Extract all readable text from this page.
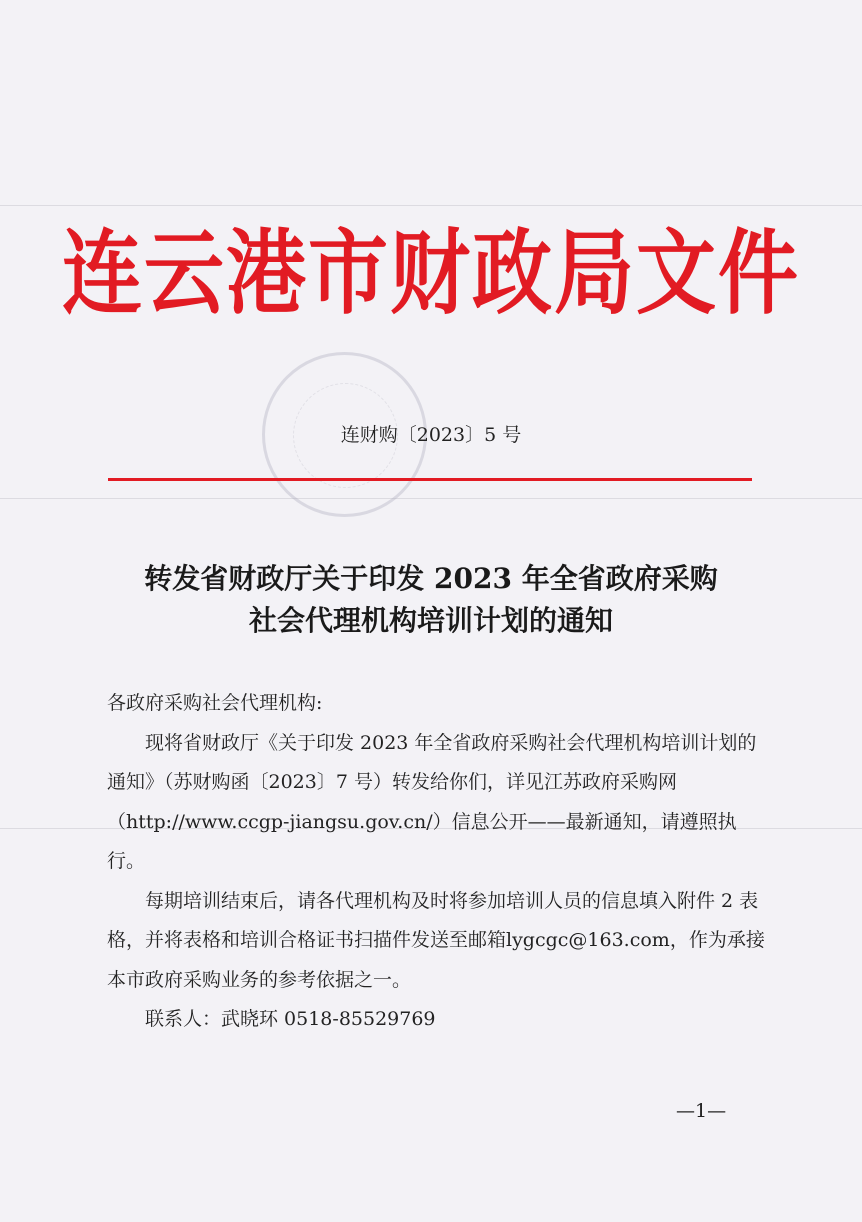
连云港市财政局文件
连财购〔2023〕5 号
转发省财政厅关于印发 2023 年全省政府采购
社会代理机构培训计划的通知

各政府采购社会代理机构:

现将省财政厅《关于印发 2023 年全省政府采购社会代理机构培训计划的通知》（苏财购函〔2023〕7 号）转发给你们，详见江苏政府采购网（http://www.ccgp-jiangsu.gov.cn/）信息公开——最新通知，请遵照执行。

每期培训结束后，请各代理机构及时将参加培训人员的信息填入附件 2 表格，并将表格和培训合格证书扫描件发送至邮箱lygcgc@163.com，作为承接本市政府采购业务的参考依据之一。

联系人：武晓环 0518-85529769

—1—
